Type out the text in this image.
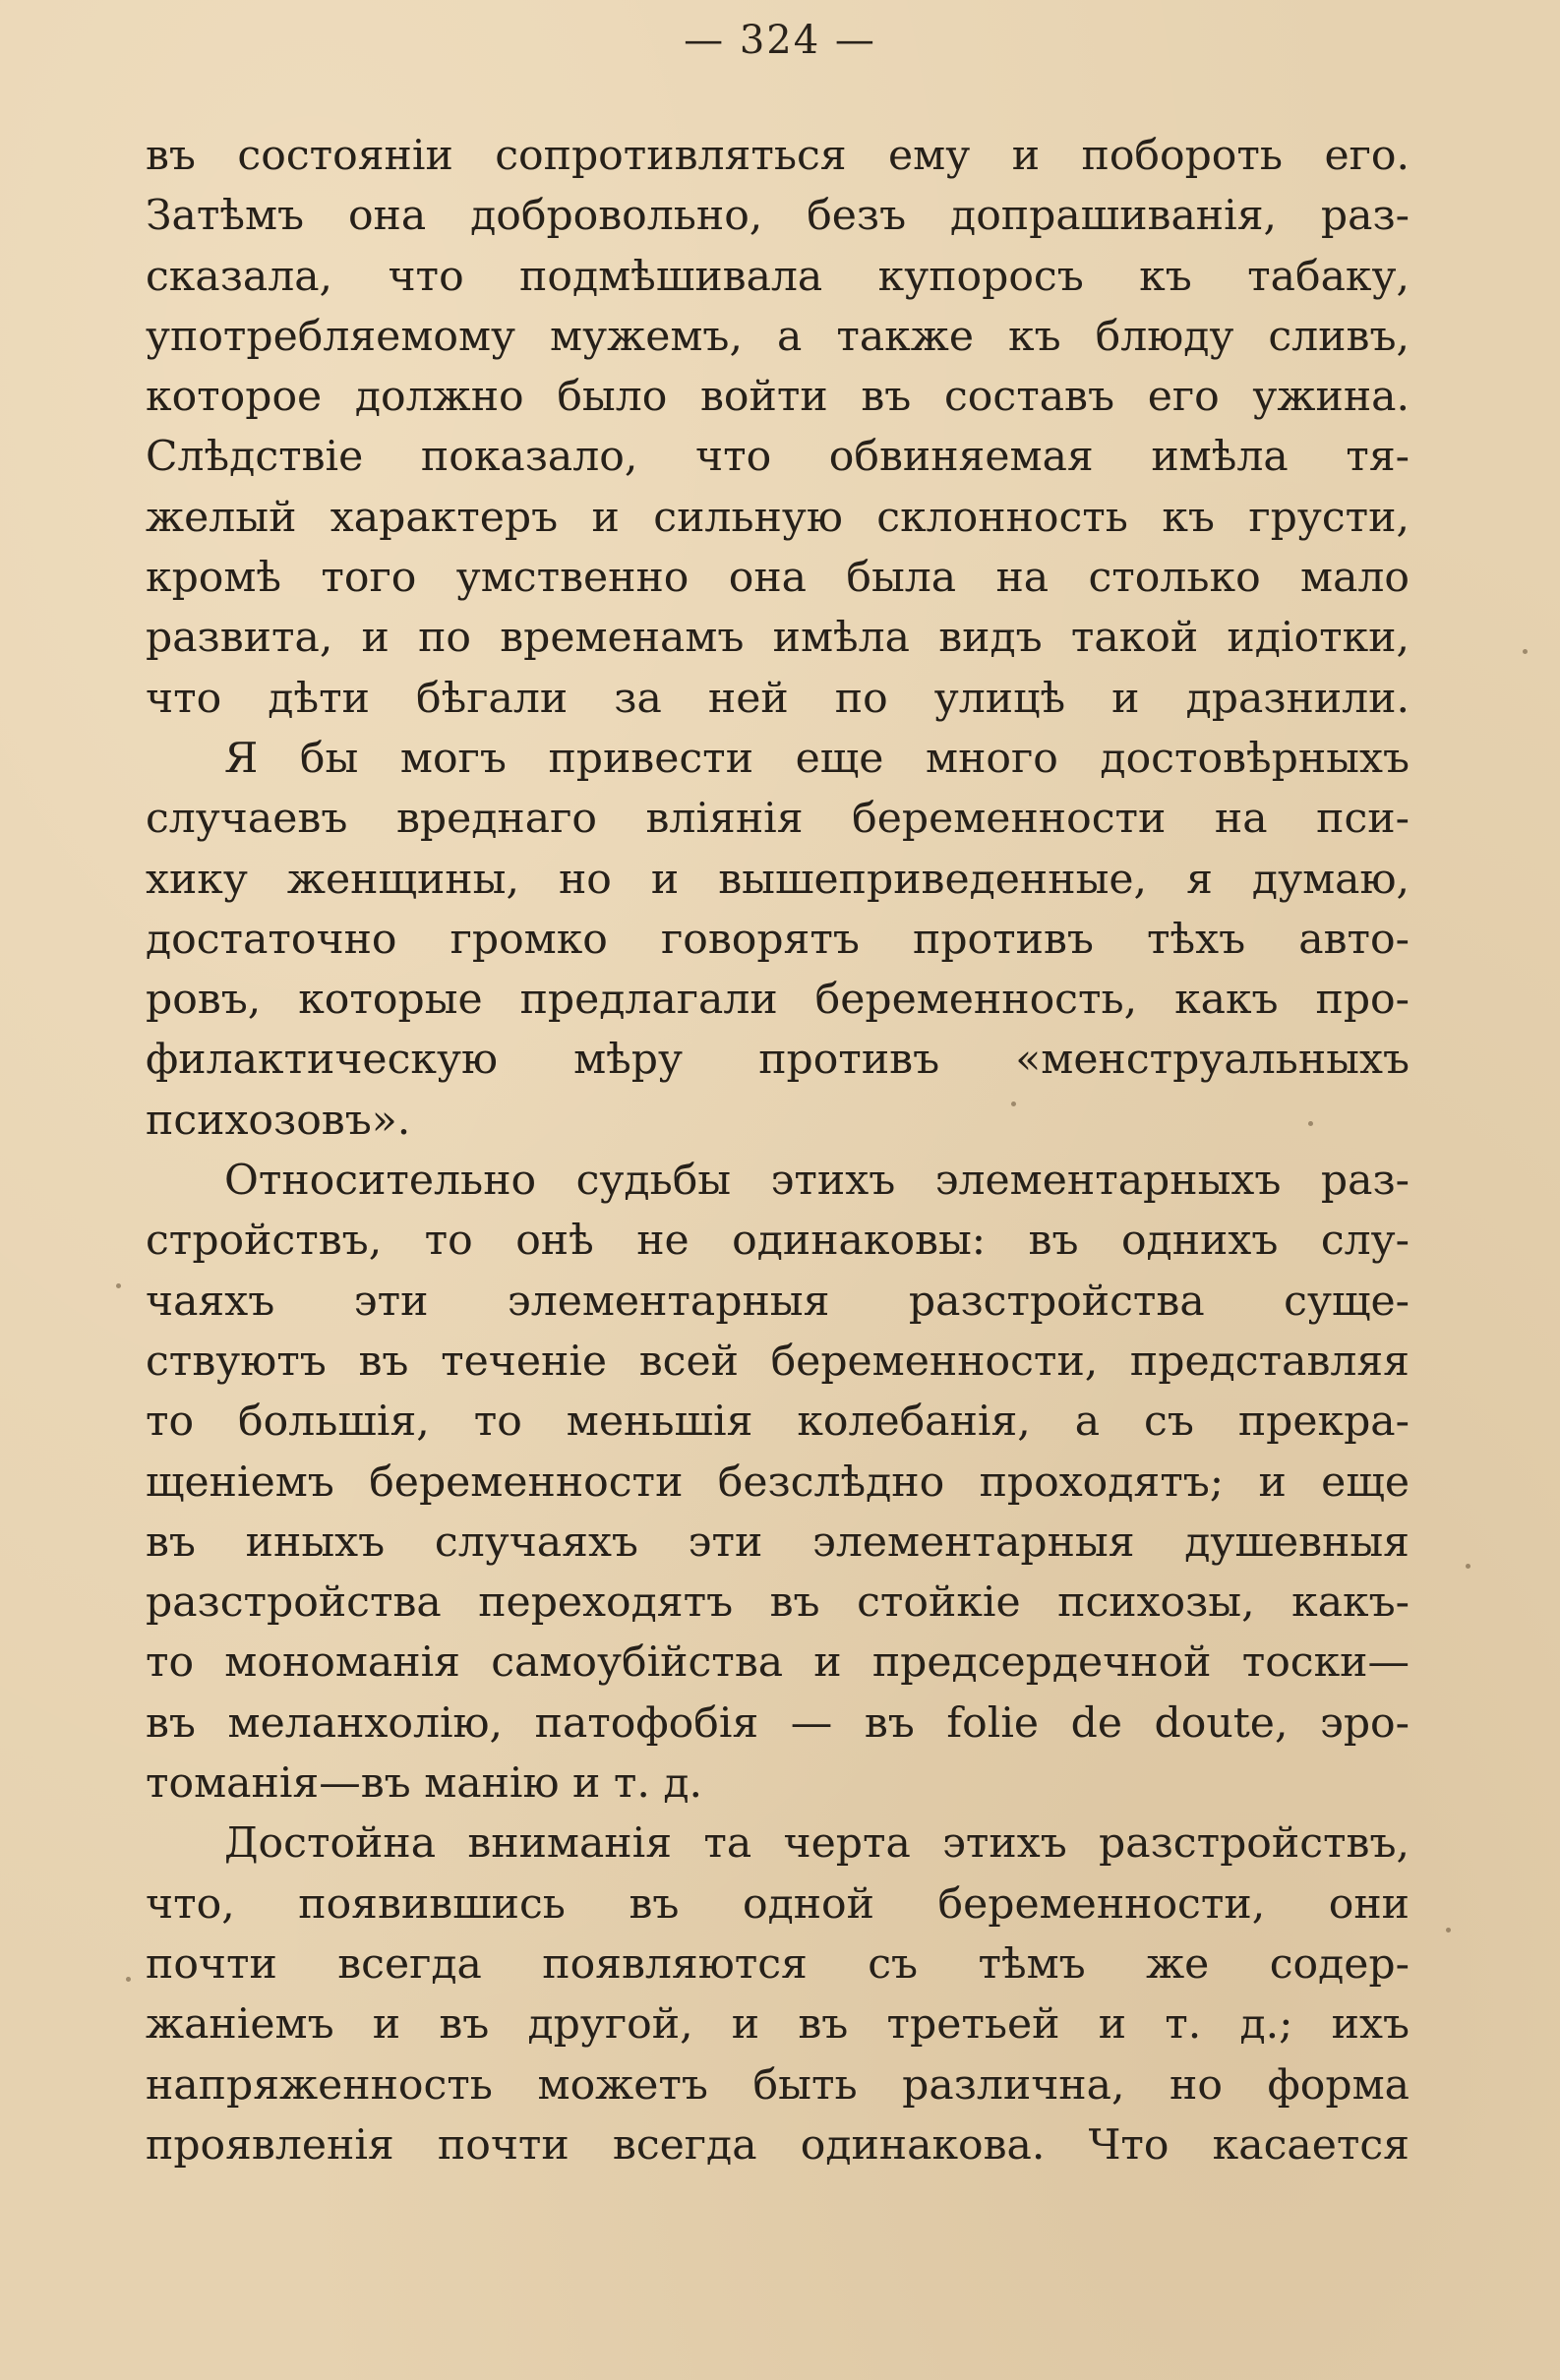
— 324 —
въ состоянiи сопротивляться ему и побороть его.
Затѣмъ она добровольно, безъ допрашиванiя, раз-
сказала, что подмѣшивала купоросъ къ табаку,
употребляемому мужемъ, а также къ блюду сливъ,
которое должно было войти въ составъ его ужина.
Слѣдствiе показало, что обвиняемая имѣла тя-
желый характеръ и сильную склонность къ грусти,
кромѣ того умственно она была на столько мало
развита, и по временамъ имѣла видъ такой идiотки,
что дѣти бѣгали за ней по улицѣ и дразнили.
Я бы могъ привести еще много достовѣрныхъ
случаевъ вреднаго влiянiя беременности на пси-
хику женщины, но и вышеприведенные, я думаю,
достаточно громко говорятъ противъ тѣхъ авто-
ровъ, которые предлагали беременность, какъ про-
филактическую мѣру противъ «менструальныхъ
психозовъ».
Относительно судьбы этихъ элементарныхъ раз-
стройствъ, то онѣ не одинаковы: въ однихъ слу-
чаяхъ эти элементарныя разстройства суще-
ствуютъ въ теченiе всей беременности, представляя
то большiя, то меньшiя колебанiя, а съ прекра-
щенiемъ беременности безслѣдно проходятъ; и еще
въ иныхъ случаяхъ эти элементарныя душевныя
разстройства переходятъ въ стойкiе психозы, какъ-
то мономанiя самоубiйства и предсердечной тоски—
въ меланхолiю, патофобiя — въ folie de doute, эро-
томанiя—въ манiю и т. д.
Достойна вниманiя та черта этихъ разстройствъ,
что, появившись въ одной беременности, они
почти всегда появляются съ тѣмъ же содер-
жанiемъ и въ другой, и въ третьей и т. д.; ихъ
напряженность можетъ быть различна, но форма
проявленiя почти всегда одинакова. Что касается
